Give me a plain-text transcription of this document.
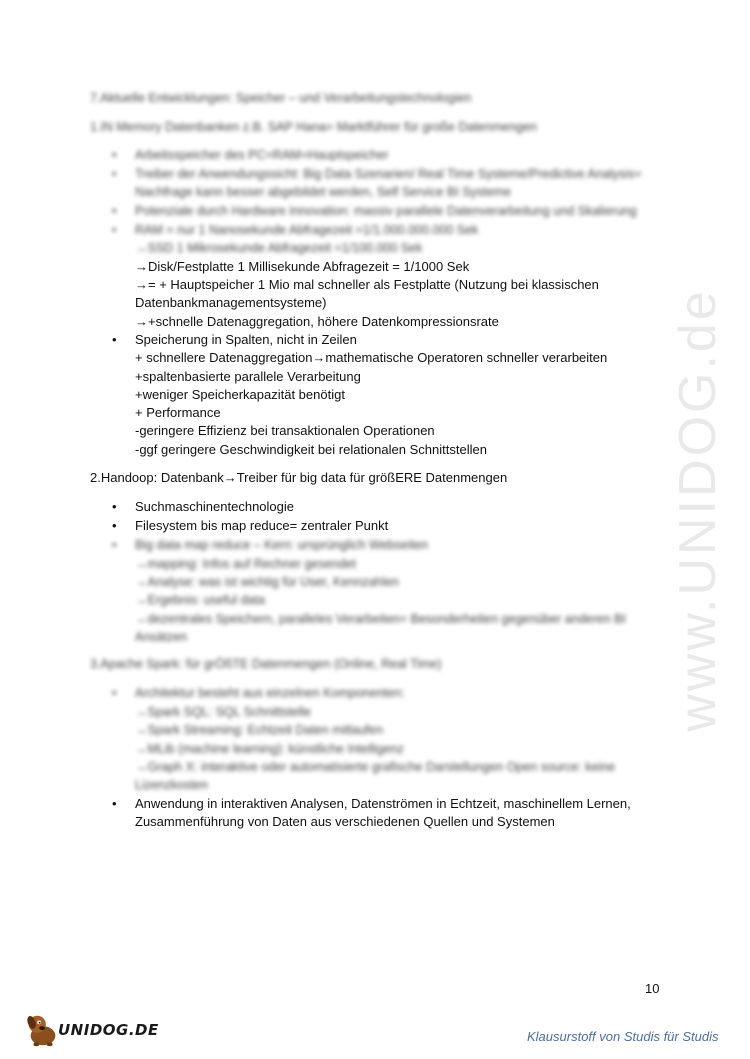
7.Aktuelle Entwicklungen: Speicher – und Verarbeitungstechnologien
1.IN Memory Datenbanken z.B. SAP Hana= Marktführer für große Datenmengen
• Arbeitsspeicher des PC=RAM=Hauptspeicher
• Treiber der Anwendungssicht: Big Data Szenarien/ Real Time Systeme/Predictive Analysis=
Nachfrage kann besser abgebildet werden, Self Service BI Systeme
• Potenziale durch Hardware Innovation: massiv parallele Datenverarbeitung und Skalierung
• RAM = nur 1 Nanosekunde Abfragezeit =1/1.000.000.000 Sek
→SSD 1 Mikrosekunde Abfragezeit =1/100.000 Sek
→Disk/Festplatte 1 Millisekunde Abfragezeit = 1/1000 Sek
→= + Hauptspeicher 1 Mio mal schneller als Festplatte (Nutzung bei klassischen
Datenbankmanagementsysteme)
→+schnelle Datenaggregation, höhere Datenkompressionsrate
• Speicherung in Spalten, nicht in Zeilen
+ schnellere Datenaggregation→mathematische Operatoren schneller verarbeiten
+spaltenbasierte parallele Verarbeitung
+weniger Speicherkapazität benötigt
+ Performance
-geringere Effizienz bei transaktionalen Operationen
-ggf geringere Geschwindigkeit bei relationalen Schnittstellen
2.Handoop: Datenbank→Treiber für big data für größERE Datenmengen
• Suchmaschinentechnologie
• Filesystem bis map reduce= zentraler Punkt
• Big data map reduce – Kern: ursprünglich Webseiten
→mapping: Infos auf Rechner gesendet
→Analyse: was ist wichtig für User, Kennzahlen
→Ergebnis: useful data
→dezentrales Speichern, paralleles Verarbeiten= Besonderheiten gegenüber anderen BI
Ansätzen
3.Apache Spark: für grÖßTE Datenmengen (Online, Real Time)
• Architektur besteht aus einzelnen Komponenten:
→Spark SQL: SQL Schnittstelle
→Spark Streaming: Echtzeit Daten mitlaufen
→MLib (machine learning): künstliche Intelligenz
→Graph X: interaktive oder automatisierte grafische Darstellungen Open source: keine
Lizenzkosten
• Anwendung in interaktiven Analysen, Datenströmen in Echtzeit, maschinellem Lernen,
Zusammenführung von Daten aus verschiedenen Quellen und Systemen
www.UNIDOG.de
10
UNIDOG.DE	Klausurstoff von Studis für Studis
